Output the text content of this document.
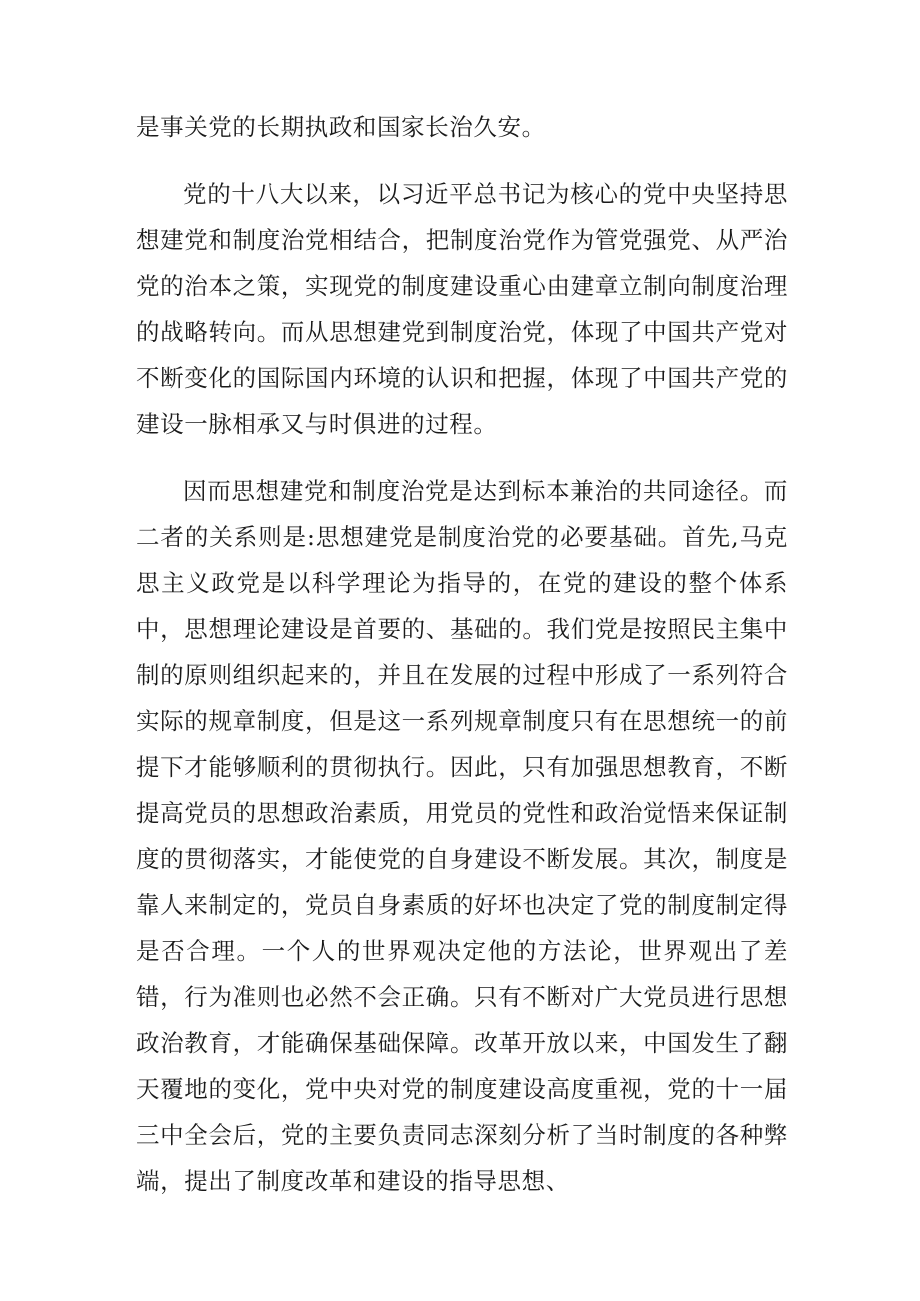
是事关党的长期执政和国家长治久安。

党的十八大以来，以习近平总书记为核心的党中央坚持思想建党和制度治党相结合，把制度治党作为管党强党、从严治党的治本之策，实现党的制度建设重心由建章立制向制度治理的战略转向。而从思想建党到制度治党，体现了中国共产党对不断变化的国际国内环境的认识和把握，体现了中国共产党的建设一脉相承又与时俱进的过程。

因而思想建党和制度治党是达到标本兼治的共同途径。而二者的关系则是:思想建党是制度治党的必要基础。首先,马克思主义政党是以科学理论为指导的，在党的建设的整个体系中，思想理论建设是首要的、基础的。我们党是按照民主集中制的原则组织起来的，并且在发展的过程中形成了一系列符合实际的规章制度，但是这一系列规章制度只有在思想统一的前提下才能够顺利的贯彻执行。因此，只有加强思想教育，不断提高党员的思想政治素质，用党员的党性和政治觉悟来保证制度的贯彻落实，才能使党的自身建设不断发展。其次，制度是靠人来制定的，党员自身素质的好坏也决定了党的制度制定得是否合理。一个人的世界观决定他的方法论，世界观出了差错，行为准则也必然不会正确。只有不断对广大党员进行思想政治教育，才能确保基础保障。改革开放以来，中国发生了翻天覆地的变化，党中央对党的制度建设高度重视，党的十一届三中全会后，党的主要负责同志深刻分析了当时制度的各种弊端，提出了制度改革和建设的指导思想、
